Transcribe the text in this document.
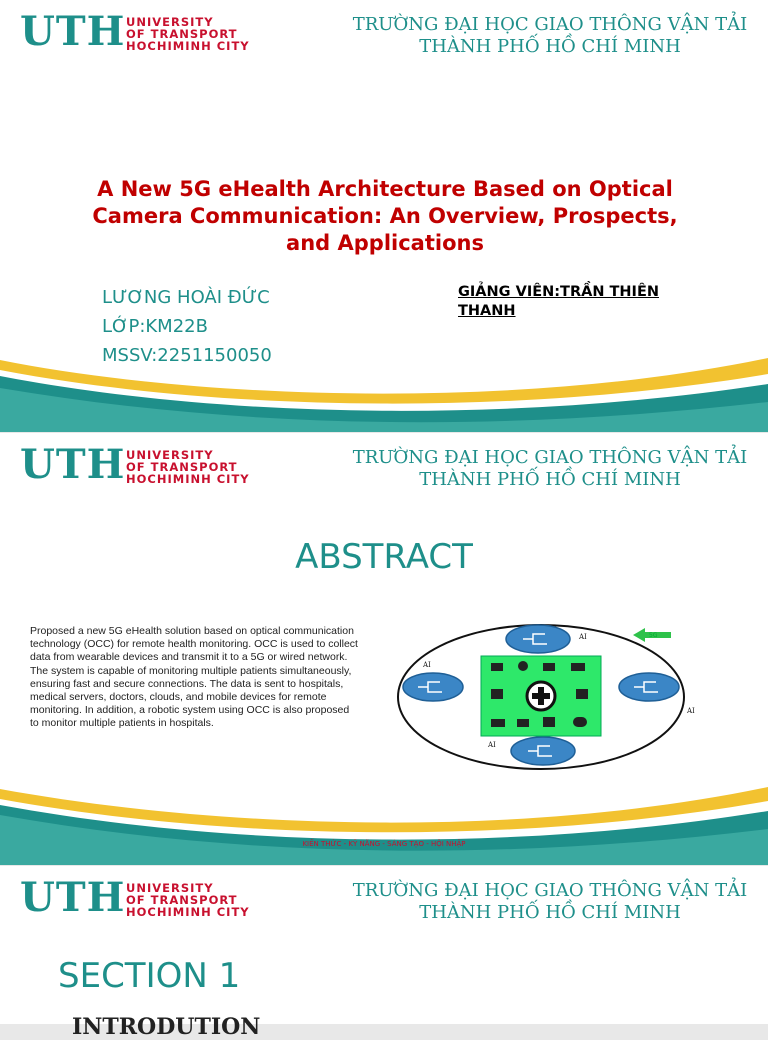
UTH UNIVERSITY
OF TRANSPORT
HOCHIMINH CITY
TRƯỜNG ĐẠI HỌC GIAO THÔNG VẬN TẢI
THÀNH PHỐ HỒ CHÍ MINH
A New 5G eHealth Architecture Based on Optical Camera Communication: An Overview, Prospects, and Applications
LƯƠNG HOÀI ĐỨC
LỚP:KM22B
MSSV:2251150050
GIẢNG VIÊN:TRẦN THIÊN THANH
UTH UNIVERSITY
OF TRANSPORT
HOCHIMINH CITY
TRƯỜNG ĐẠI HỌC GIAO THÔNG VẬN TẢI
THÀNH PHỐ HỒ CHÍ MINH
ABSTRACT
Proposed a new 5G eHealth solution based on optical communication technology (OCC) for remote health monitoring. OCC is used to collect data from wearable devices and transmit it to a 5G or wired network. The system is capable of monitoring multiple patients simultaneously, ensuring fast and secure connections. The data is sent to hospitals, medical servers, doctors, clouds, and mobile devices for remote monitoring. In addition, a robotic system using OCC is also proposed to monitor multiple patients in hospitals.
AI
AI
AI
AI
5G
KIẾN THỨC - KỸ NĂNG - SÁNG TẠO - HỘI NHẬP
UTH UNIVERSITY
OF TRANSPORT
HOCHIMINH CITY
TRƯỜNG ĐẠI HỌC GIAO THÔNG VẬN TẢI
THÀNH PHỐ HỒ CHÍ MINH
SECTION 1
INTRODUTION
